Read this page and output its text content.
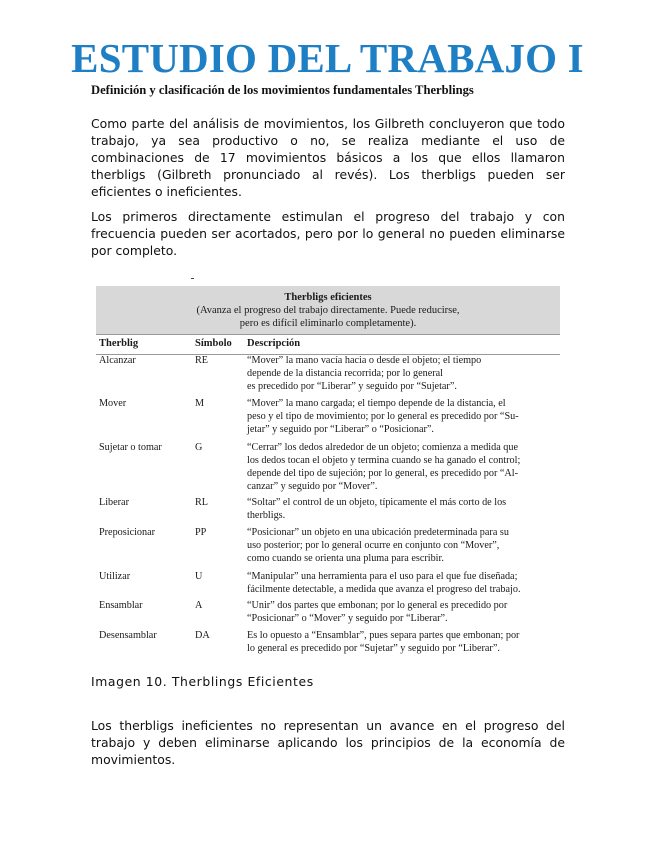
ESTUDIO DEL TRABAJO I
Definición y clasificación de los movimientos fundamentales Therblings
Como parte del análisis de movimientos, los Gilbreth concluyeron que todo trabajo, ya sea productivo o no, se realiza mediante el uso de combinaciones de 17 movimientos básicos a los que ellos llamaron therbligs (Gilbreth pronunciado al revés). Los therbligs pueden ser eficientes o ineficientes.
Los primeros directamente estimulan el progreso del trabajo y con frecuencia pueden ser acortados, pero por lo general no pueden eliminarse por completo.
Therbligs eficientes
(Avanza el progreso del trabajo directamente. Puede reducirse,
pero es difícil eliminarlo completamente).
Therblig	Símbolo Descripción
Alcanzar	RE	“Mover” la mano vacía hacia o desde el objeto; el tiempo
depende de la distancia recorrida; por lo general
es precedido por “Liberar” y seguido por “Sujetar”.
Mover	M	“Mover” la mano cargada; el tiempo depende de la distancia, el
peso y el tipo de movimiento; por lo general es precedido por “Su-
jetar” y seguido por “Liberar” o “Posicionar”.
Sujetar o tomar	G	“Cerrar” los dedos alrededor de un objeto; comienza a medida que
los dedos tocan el objeto y termina cuando se ha ganado el control;
depende del tipo de sujeción; por lo general, es precedido por “Al-
canzar” y seguido por “Mover”.
Liberar	RL	“Soltar” el control de un objeto, típicamente el más corto de los
therbligs.
Preposicionar	PP	“Posicionar” un objeto en una ubicación predeterminada para su
uso posterior; por lo general ocurre en conjunto con “Mover”,
como cuando se orienta una pluma para escribir.
Utilizar	U	“Manipular” una herramienta para el uso para el que fue diseñada;
fácilmente detectable, a medida que avanza el progreso del trabajo.
Ensamblar	A	“Unir” dos partes que embonan; por lo general es precedido por
“Posicionar” o “Mover” y seguido por “Liberar”.
Desensamblar	DA	Es lo opuesto a “Ensamblar”, pues separa partes que embonan; por
lo general es precedido por “Sujetar” y seguido por “Liberar”.
Imagen 10. Therblings Eficientes
Los therbligs ineficientes no representan un avance en el progreso del trabajo y deben eliminarse aplicando los principios de la economía de movimientos.
